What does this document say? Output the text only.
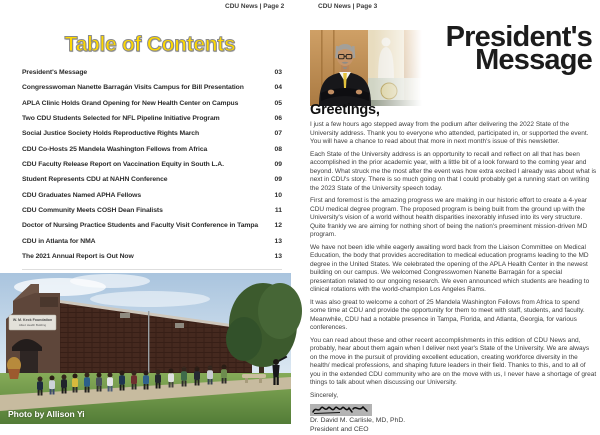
CDU News | Page 2
Table of Contents
President's Message	03
Congresswoman Nanette Barragán Visits Campus for Bill Presentation	04
APLA Clinic Holds Grand Opening for New Health Center on Campus	05
Two CDU Students Selected for NFL Pipeline Initiative Program	06
Social Justice Society Holds Reproductive Rights March	07
CDU Co-Hosts 25 Mandela Washington Fellows from Africa	08
CDU Faculty Release Report on Vaccination Equity in South L.A.	09
Student Represents CDU at NAHN Conference	09
CDU Graduates Named APHA Fellows	10
CDU Community Meets COSH Dean Finalists	11
Doctor of Nursing Practice Students and Faculty Visit Conference in Tampa	12
CDU in Atlanta for NMA	13
The 2021 Annual Report is Out Now	13
W. M. Keck Foundation
Allied Health Building
Photo by Allison Yi
CDU News | Page 3
President's
Message
Greetings,

I just a few hours ago stepped away from the podium after delivering the 2022 State of the University address. Thank you to everyone who attended, participated in, or supported the event. You will have a chance to read about that more in next month's issue of this newsletter.

Each State of the University address is an opportunity to recall and reflect on all that has been accomplished in the prior academic year, with a little bit of a look forward to the coming year and beyond. What struck me the most after the event was how extra excited I already was about what is next in CDU's story. There is so much going on that I could probably get a running start on writing the 2023 State of the University speech today.

First and foremost is the amazing progress we are making in our historic effort to create a 4-year CDU medical degree program. The proposed program is being built from the ground up with the University's vision of a world without health disparities inexorably infused into its very structure. Quite frankly we are aiming for nothing short of being the nation's preeminent mission-driven MD program.

We have not been idle while eagerly awaiting word back from the Liaison Committee on Medical Education, the body that provides accreditation to medical education programs leading to the MD degree in the United States. We celebrated the opening of the APLA Health Center in the newest building on our campus. We welcomed Congresswomen Nanette Barragán for a special presentation related to our ongoing research. We even announced which students are heading to clinical rotations with the world-champion Los Angeles Rams.

It was also great to welcome a cohort of 25 Mandela Washington Fellows from Africa to spend some time at CDU and provide the opportunity for them to meet with staff, students, and faculty. Meanwhile, CDU had a notable presence in Tampa, Florida, and Atlanta, Georgia, for various conferences.

You can read about these and other recent accomplishments in this edition of CDU News and, probably, hear about them again when I deliver next year's State of the University. We are always on the move in the pursuit of providing excellent education, creating workforce diversity in the health/ medical professions, and shaping future leaders in their field. Thanks to this, and to all of you in the extended CDU community who are on the move with us, I never have a shortage of great things to talk about when discussing our University.

Sincerely,
Dr. David M. Carlisle, MD, PhD.
President and CEO
